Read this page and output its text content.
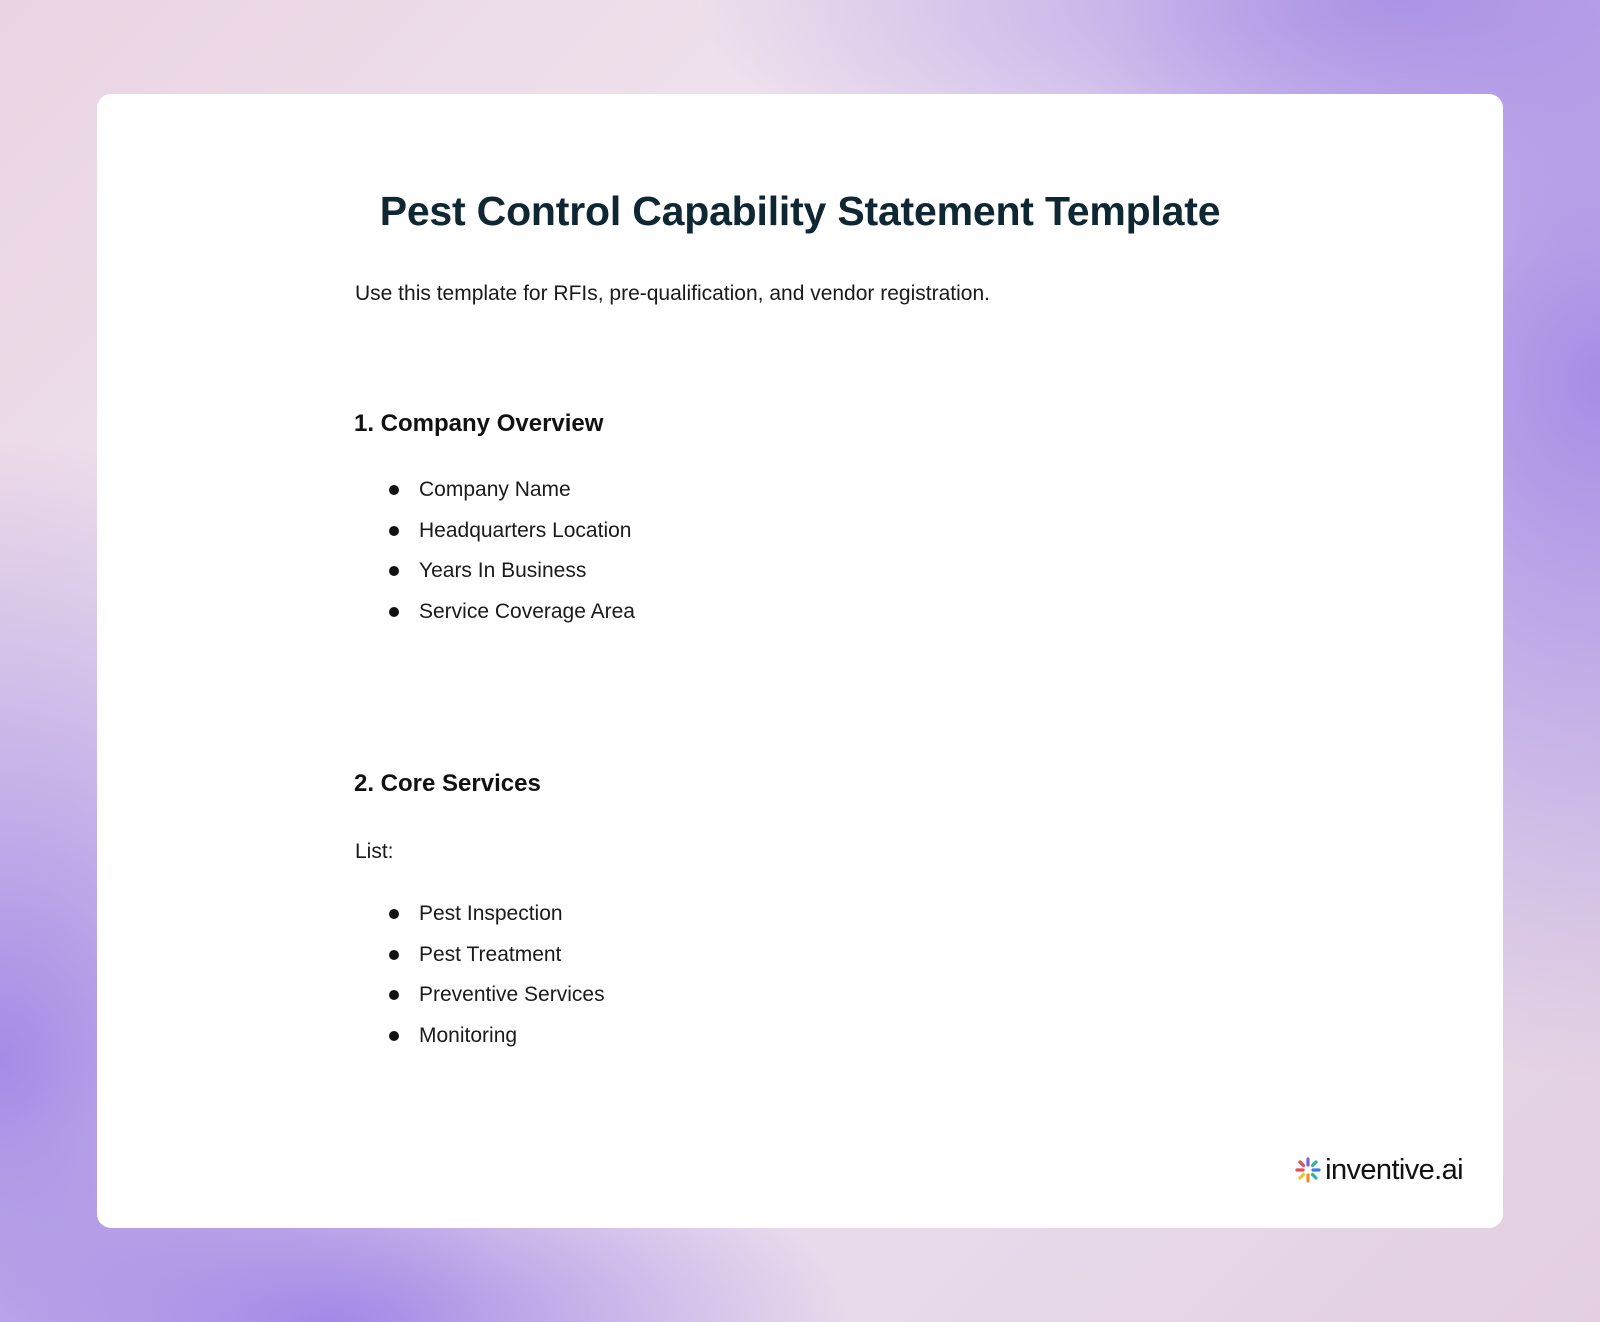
Pest Control Capability Statement Template

Use this template for RFIs, pre-qualification, and vendor registration.

1. Company Overview
Company Name
Headquarters Location
Years In Business
Service Coverage Area
2. Core Services

List:

Pest Inspection
Pest Treatment
Preventive Services
Monitoring
inventive.ai
